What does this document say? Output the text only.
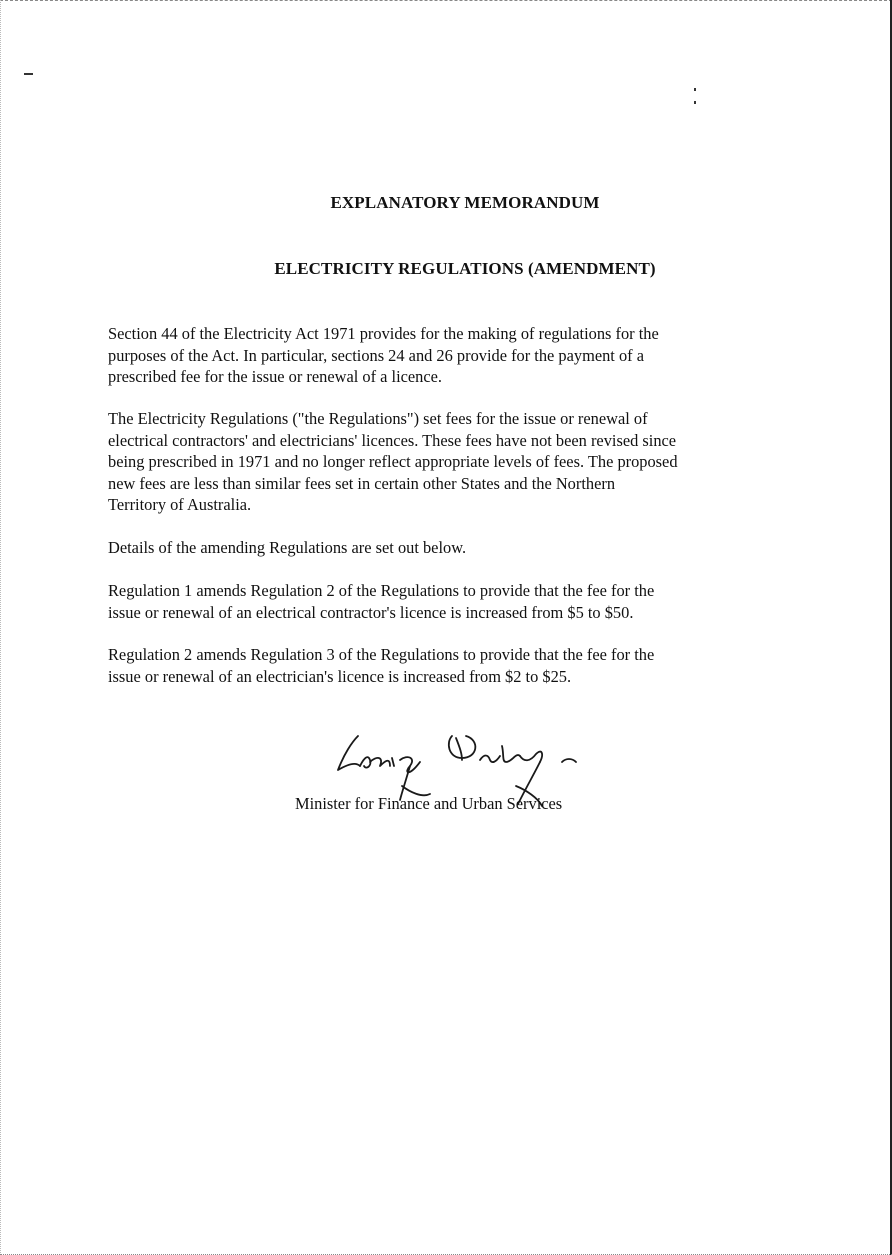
EXPLANATORY MEMORANDUM
ELECTRICITY REGULATIONS (AMENDMENT)
Section 44 of the Electricity Act 1971 provides for the making of regulations for the
purposes of the Act. In particular, sections 24 and 26 provide for the payment of a
prescribed fee for the issue or renewal of a licence.
The Electricity Regulations ("the Regulations") set fees for the issue or renewal of
electrical contractors' and electricians' licences. These fees have not been revised since
being prescribed in 1971 and no longer reflect appropriate levels of fees. The proposed
new fees are less than similar fees set in certain other States and the Northern
Territory of Australia.
Details of the amending Regulations are set out below.
Regulation 1 amends Regulation 2 of the Regulations to provide that the fee for the
issue or renewal of an electrical contractor's licence is increased from $5 to $50.
Regulation 2 amends Regulation 3 of the Regulations to provide that the fee for the
issue or renewal of an electrician's licence is increased from $2 to $25.
Minister for Finance and Urban Services
